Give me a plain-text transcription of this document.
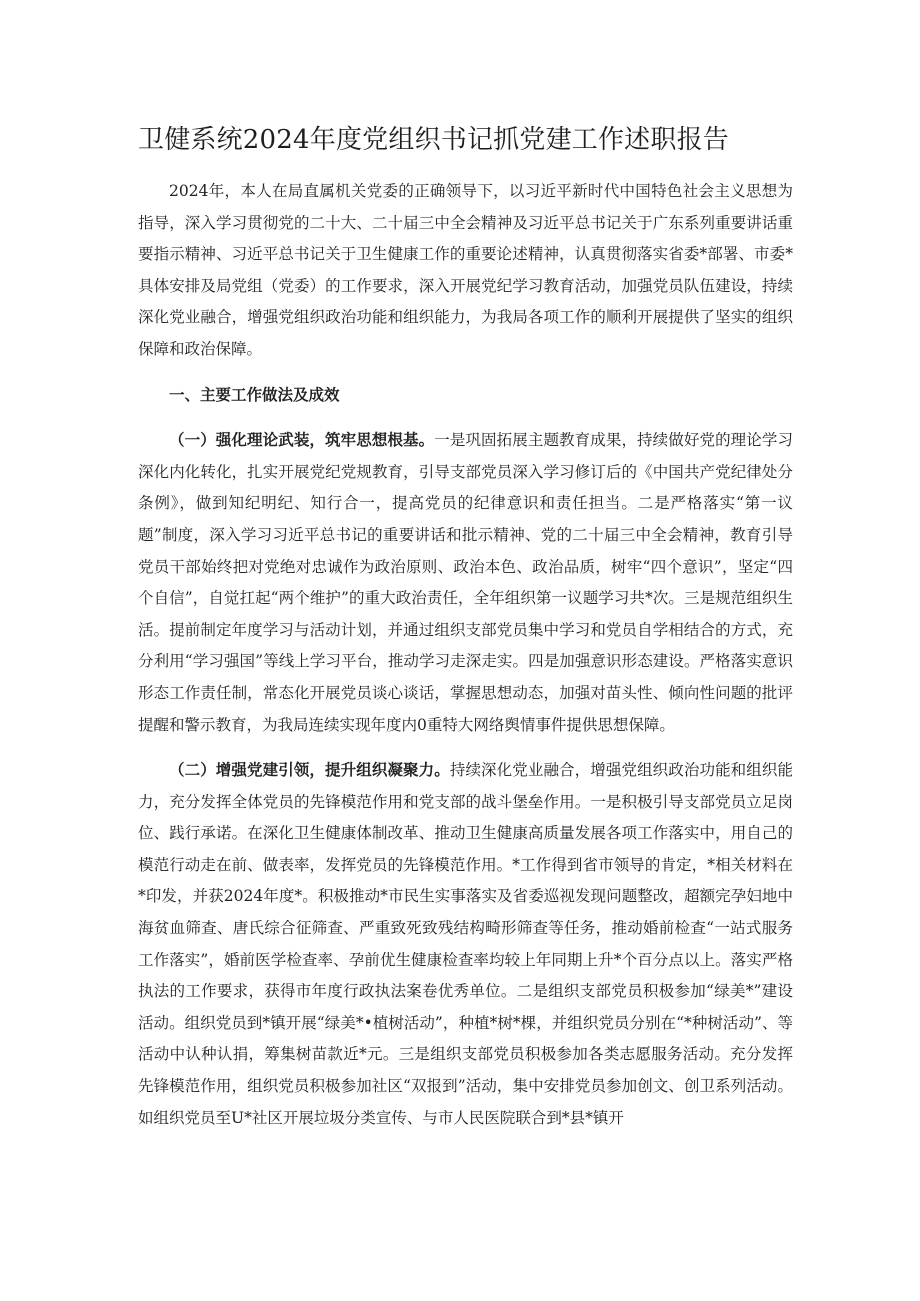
卫健系统2024年度党组织书记抓党建工作述职报告

2024年，本人在局直属机关党委的正确领导下，以习近平新时代中国特色社会主义思想为指导，深入学习贯彻党的二十大、二十届三中全会精神及习近平总书记关于广东系列重要讲话重要指示精神、习近平总书记关于卫生健康工作的重要论述精神，认真贯彻落实省委*部署、市委*具体安排及局党组（党委）的工作要求，深入开展党纪学习教育活动，加强党员队伍建设，持续深化党业融合，增强党组织政治功能和组织能力，为我局各项工作的顺利开展提供了坚实的组织保障和政治保障。

一、主要工作做法及成效

（一）强化理论武装，筑牢思想根基。一是巩固拓展主题教育成果，持续做好党的理论学习深化内化转化，扎实开展党纪党规教育，引导支部党员深入学习修订后的《中国共产党纪律处分条例》，做到知纪明纪、知行合一，提高党员的纪律意识和责任担当。二是严格落实“第一议题”制度，深入学习习近平总书记的重要讲话和批示精神、党的二十届三中全会精神，教育引导党员干部始终把对党绝对忠诚作为政治原则、政治本色、政治品质，树牢“四个意识”，坚定“四个自信”，自觉扛起“两个维护”的重大政治责任，全年组织第一议题学习共*次。三是规范组织生活。提前制定年度学习与活动计划，并通过组织支部党员集中学习和党员自学相结合的方式，充分利用“学习强国”等线上学习平台，推动学习走深走实。四是加强意识形态建设。严格落实意识形态工作责任制，常态化开展党员谈心谈话，掌握思想动态，加强对苗头性、倾向性问题的批评提醒和警示教育，为我局连续实现年度内0重特大网络舆情事件提供思想保障。

（二）增强党建引领，提升组织凝聚力。持续深化党业融合，增强党组织政治功能和组织能力，充分发挥全体党员的先锋模范作用和党支部的战斗堡垒作用。一是积极引导支部党员立足岗位、践行承诺。在深化卫生健康体制改革、推动卫生健康高质量发展各项工作落实中，用自己的模范行动走在前、做表率，发挥党员的先锋模范作用。*工作得到省市领导的肯定，*相关材料在*印发，并获2024年度*。积极推动*市民生实事落实及省委巡视发现问题整改，超额完孕妇地中海贫血筛查、唐氏综合征筛查、严重致死致残结构畸形筛查等任务，推动婚前检查“一站式服务工作落实”，婚前医学检查率、孕前优生健康检查率均较上年同期上升*个百分点以上。落实严格执法的工作要求，获得市年度行政执法案卷优秀单位。二是组织支部党员积极参加“绿美*”建设活动。组织党员到*镇开展“绿美*•植树活动”，种植*树*棵，并组织党员分别在“*种树活动”、等活动中认种认捐，筹集树苗款近*元。三是组织支部党员积极参加各类志愿服务活动。充分发挥先锋模范作用，组织党员积极参加社区“双报到”活动，集中安排党员参加创文、创卫系列活动。如组织党员至U*社区开展垃圾分类宣传、与市人民医院联合到*县*镇开
